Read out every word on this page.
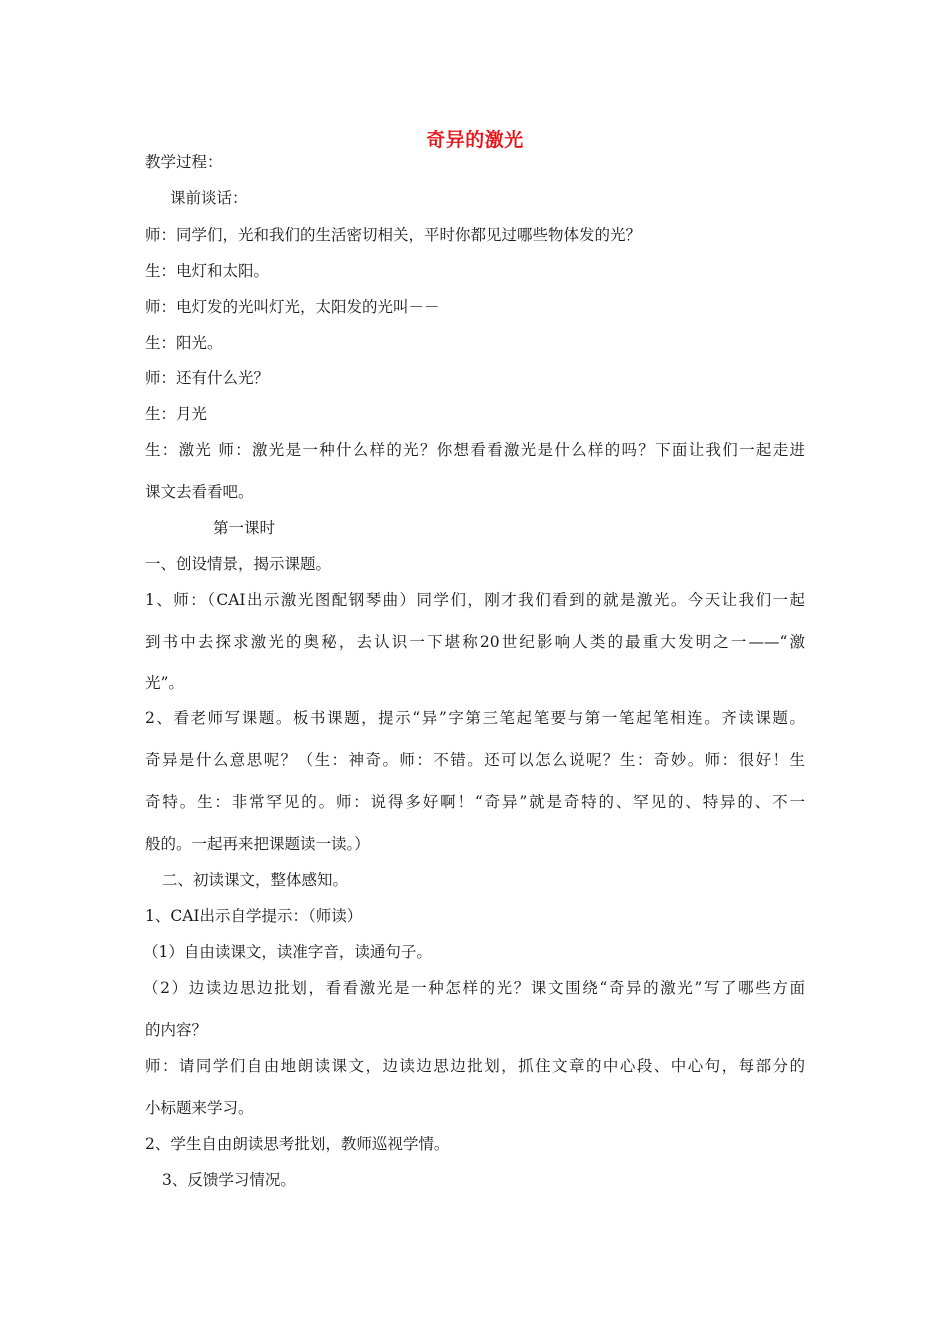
奇异的激光
教学过程：
课前谈话：
师：同学们，光和我们的生活密切相关，平时你都见过哪些物体发的光？
生：电灯和太阳。
师：电灯发的光叫灯光，太阳发的光叫－－
生：阳光。
师：还有什么光？
生：月光
生：激光 师：激光是一种什么样的光？你想看看激光是什么样的吗？下面让我们一起走进
课文去看看吧。
第一课时
一、创设情景，揭示课题。
1、师：（CAI出示激光图配钢琴曲）同学们，刚才我们看到的就是激光。今天让我们一起
到书中去探求激光的奥秘，去认识一下堪称20世纪影响人类的最重大发明之一——“激
光”。
2、看老师写课题。板书课题，提示“异”字第三笔起笔要与第一笔起笔相连。齐读课题。
奇异是什么意思呢？（生：神奇。师：不错。还可以怎么说呢？生：奇妙。师：很好！生
奇特。生：非常罕见的。师：说得多好啊！“奇异”就是奇特的、罕见的、特异的、不一
般的。一起再来把课题读一读。）
二、初读课文，整体感知。
1、CAI出示自学提示：（师读）
（1）自由读课文，读准字音，读通句子。
（2）边读边思边批划，看看激光是一种怎样的光？课文围绕“奇异的激光”写了哪些方面
的内容？
师：请同学们自由地朗读课文，边读边思边批划，抓住文章的中心段、中心句，每部分的
小标题来学习。
2、学生自由朗读思考批划，教师巡视学情。
3、反馈学习情况。
